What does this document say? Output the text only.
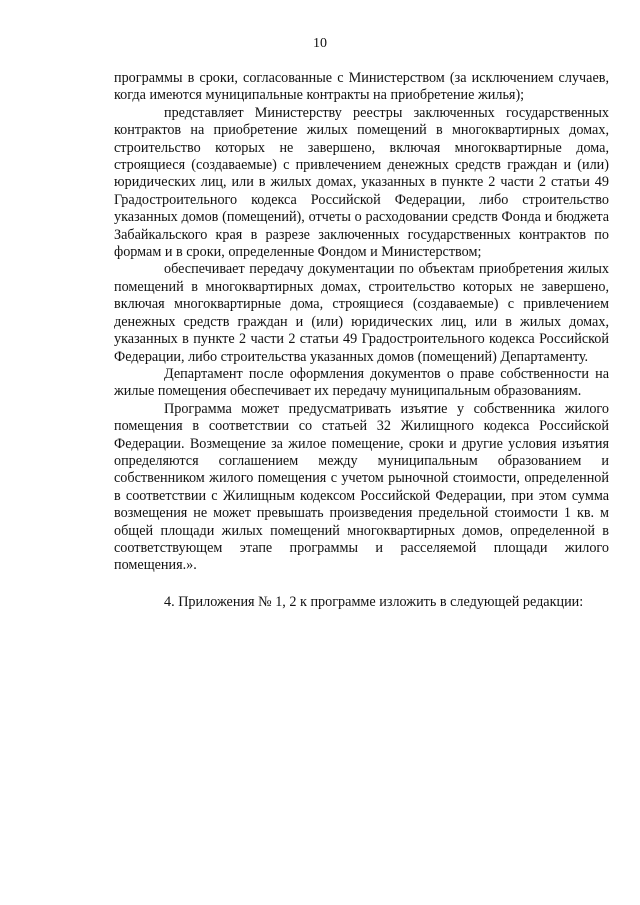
10

программы в сроки, согласованные с Министерством (за исключением случаев, когда имеются муниципальные контракты на приобретение жилья);

представляет Министерству реестры заключенных государственных контрактов на приобретение жилых помещений в многоквартирных домах, строительство которых не завершено, включая многоквартирные дома, строящиеся (создаваемые) с привлечением денежных средств граждан и (или) юридических лиц, или в жилых домах, указанных в пункте 2 части 2 статьи 49 Градостроительного кодекса Российской Федерации, либо строительство указанных домов (помещений), отчеты о расходовании средств Фонда и бюджета Забайкальского края в разрезе заключенных государственных контрактов по формам и в сроки, определенные Фондом и Министерством;

обеспечивает передачу документации по объектам приобретения жилых помещений в многоквартирных домах, строительство которых не завершено, включая многоквартирные дома, строящиеся (создаваемые) с привлечением денежных средств граждан и (или) юридических лиц, или в жилых домах, указанных в пункте 2 части 2 статьи 49 Градостроительного кодекса Российской Федерации, либо строительства указанных домов (помещений) Департаменту.

Департамент после оформления документов о праве собственности на жилые помещения обеспечивает их передачу муниципальным образованиям.

Программа может предусматривать изъятие у собственника жилого помещения в соответствии со статьей 32 Жилищного кодекса Российской Федерации. Возмещение за жилое помещение, сроки и другие условия изъятия определяются соглашением между муниципальным образованием и собственником жилого помещения с учетом рыночной стоимости, определенной в соответствии с Жилищным кодексом Российской Федерации, при этом сумма возмещения не может превышать произведения предельной стоимости 1 кв. м общей площади жилых помещений многоквартирных домов, определенной в соответствующем этапе программы и расселяемой площади жилого помещения.».

4. Приложения № 1, 2 к программе изложить в следующей редакции:
